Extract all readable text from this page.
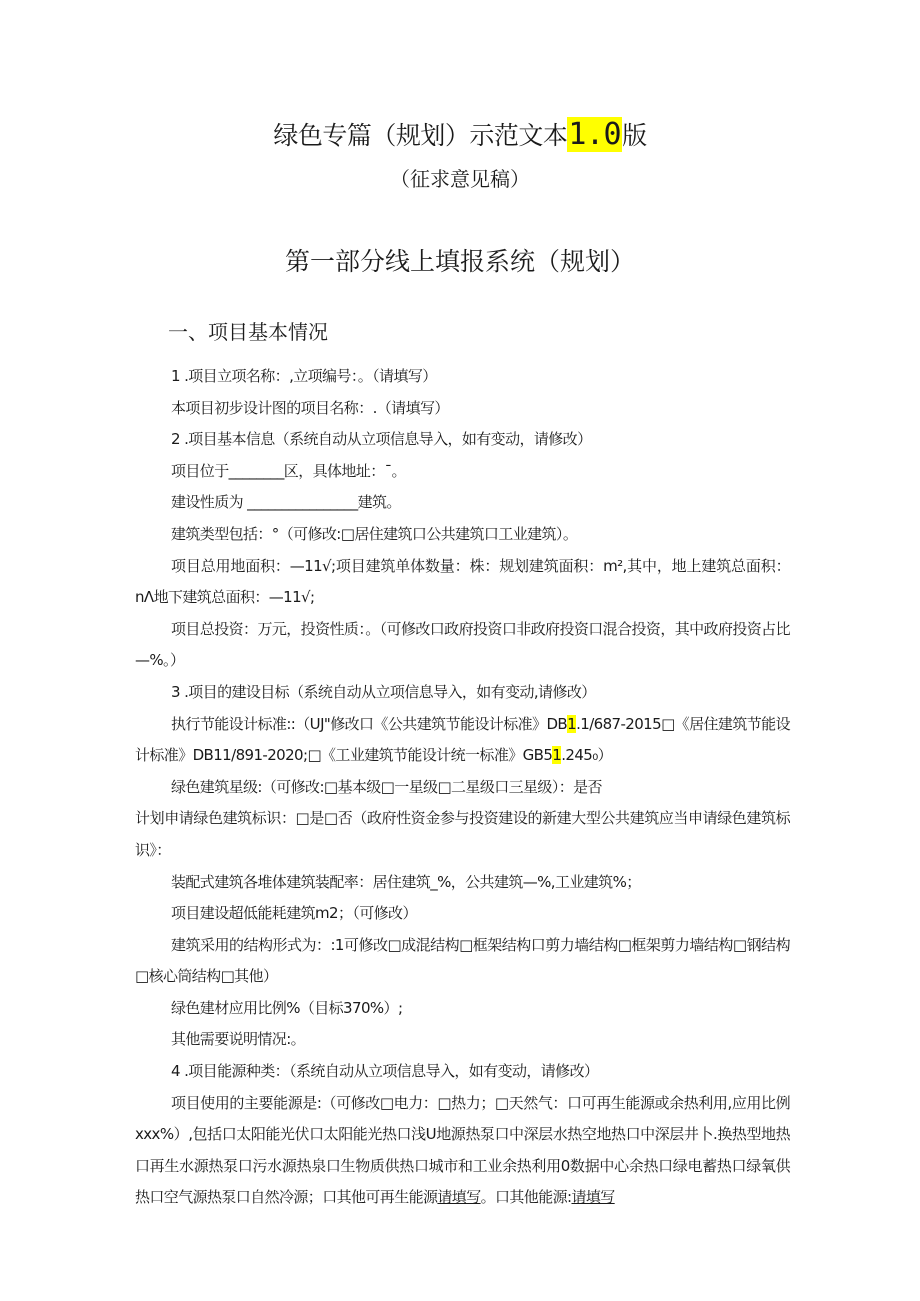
绿色专篇（规划）示范文本1.0版
（征求意见稿）
第一部分线上填报系统（规划）
一、项目基本情况

1 .项目立项名称：,立项编号：。（请填写）

本项目初步设计图的项目名称：.（请填写）

2 .项目基本信息（系统自动从立项信息导入，如有变动，请修改）

项目位于________区，具体地址：¯。

建设性质为 ________________建筑。

建筑类型包括：°（可修改:□居住建筑口公共建筑口工业建筑）。

项目总用地面积：—11√;项目建筑单体数量：株：规划建筑面积：m²,其中，地上建筑总面积：nΛ地下建筑总面积：—11√;

项目总投资：万元，投资性质：。（可修改口政府投资口非政府投资口混合投资，其中政府投资占比—%。）

3 .项目的建设目标（系统自动从立项信息导入，如有变动,请修改）

执行节能设计标准::（UJ"修改口《公共建筑节能设计标准》DB1.1/687-2015□《居住建筑节能设计标准》DB11/891-2020;□《工业建筑节能设计统一标准》GB51.245₀）

绿色建筑星级:（可修改:□基本级□一星级□二星级口三星级）：是否

计划申请绿色建筑标识：□是□否（政府性资金参与投资建设的新建大型公共建筑应当申请绿色建筑标识》：

装配式建筑各堆体建筑装配率：居住建筑_%，公共建筑—%,工业建筑%；

项目建设超低能耗建筑m2；（可修改）

建筑采用的结构形式为：:1可修改□成混结构□框架结构口剪力墙结构□框架剪力墙结构□钢结构□核心筒结构□其他）

绿色建材应用比例%（目标370%）;

其他需要说明情况:。

4 .项目能源种类：（系统自动从立项信息导入，如有变动，请修改）

项目使用的主要能源是:（可修改□电力：□热力；□天然气：口可再生能源或余热利用,应用比例xxx%）,包括口太阳能光伏口太阳能光热口浅U地源热泵口中深层水热空地热口中深层井卜.换热型地热口再生水源热泵口污水源热泉口生物质供热口城市和工业余热利用0数据中心余热口绿电蓄热口绿氧供热口空气源热泵口自然冷源；口其他可再生能源请填写。口其他能源:请填写
